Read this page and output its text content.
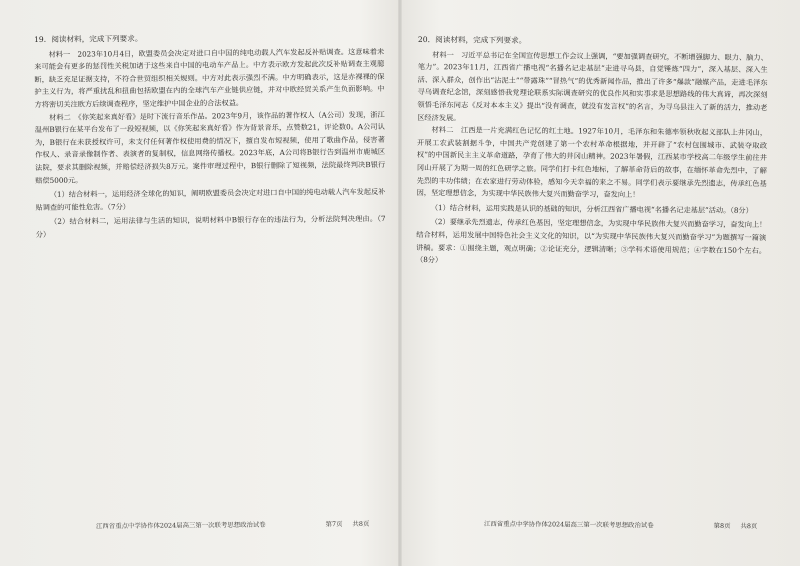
19．阅读材料，完成下列要求。

材料一　2023年10月4日，欧盟委员会决定对进口自中国的纯电动载人汽车发起反补贴调查。这意味着未来可能会有更多的惩罚性关税加诸于这些来自中国的电动车产品上。中方表示欧方发起此次反补贴调查主观臆断，缺乏充足证据支持，不符合世贸组织相关规则。中方对此表示强烈不满。中方明确表示，这是赤裸裸的保护主义行为，将严重扰乱和扭曲包括欧盟在内的全球汽车产业链供应链，并对中欧经贸关系产生负面影响。中方将密切关注欧方后续调查程序，坚定维护中国企业的合法权益。

材料二　《你笑起来真好看》是时下流行音乐作品。2023年9月，该作品的著作权人（A公司）发现，浙江温州B银行在某平台发布了一段短视频，以《你笑起来真好看》作为背景音乐，点赞数21，评论数0。A公司认为，B银行在未获授权许可，未支付任何著作权使用费的情况下，擅自发布短视频，使用了歌曲作品，侵害著作权人、录音录像制作者、表演者的复制权，信息网络传播权。2023年底，A公司将B银行告到温州市鹿城区法院，要求其删除视频，并赔偿经济损失8万元。案件审理过程中，B银行删除了短视频，法院最终判决B银行赔偿5000元。

（1）结合材料一，运用经济全球化的知识，阐明欧盟委员会决定对进口自中国的纯电动载人汽车发起反补贴调查的可能性危害。（7分）

（2）结合材料二，运用法律与生活的知识，说明材料中B银行存在的违法行为，分析法院判决理由。（7分）

20．阅读材料，完成下列要求。

材料一　习近平总书记在全国宣传思想工作会议上强调，“要加强调查研究，不断增强脚力、眼力、脑力、笔力”。2023年11月，江西省广播电视“名播名记走基层”走进寻乌县，自觉锤炼“四力”，深入基层、深入生活、深入群众，创作出“沾泥土”“带露珠”“冒热气”的优秀新闻作品，推出了许多“爆款”融媒产品，走进毛泽东寻乌调查纪念馆，深刻感悟我党理论联系实际调查研究的优良作风和实事求是思想路线的伟大真谛，再次深刻领悟毛泽东同志《反对本本主义》提出“没有调查，就没有发言权”的名言，为寻乌县注入了新的活力，推动老区经济发展。

材料二　江西是一片充满红色记忆的红土地。1927年10月，毛泽东和朱德率领秋收起义部队上井冈山，开展工农武装割据斗争，中国共产党创建了第一个农村革命根据地，并开辟了“农村包围城市、武装夺取政权”的中国新民主主义革命道路，孕育了伟大的井冈山精神。2023年暑假，江西某市学校高二年级学生前往井冈山开展了为期一周的红色研学之旅。同学们打卡红色地标，了解革命背后的故事，在缅怀革命先烈中，了解先烈的丰功伟绩；在农家进行劳动体验，感知今天幸福的来之不易。同学们表示要继承先烈遗志，传承红色基因，坚定理想信念，为实现中华民族伟大复兴而勤奋学习，奋发向上！

（1）结合材料，运用实践是认识的基础的知识，分析江西省广播电视“名播名记走基层”活动。（8分）

（2）要继承先烈遗志，传承红色基因，坚定理想信念，为实现中华民族伟大复兴而勤奋学习，奋发向上！结合材料，运用发展中国特色社会主义文化的知识，以“为实现中华民族伟大复兴而勤奋学习”为题撰写一篇演讲稿。要求：①围绕主题，观点明确；②论证充分，逻辑清晰；③学科术语使用规范；④字数在150个左右。（8分）

江西省重点中学协作体2024届高三第一次联考思想政治试卷	第7页 共8页	江西省重点中学协作体2024届高三第一次联考思想政治试卷	第8页 共8页
